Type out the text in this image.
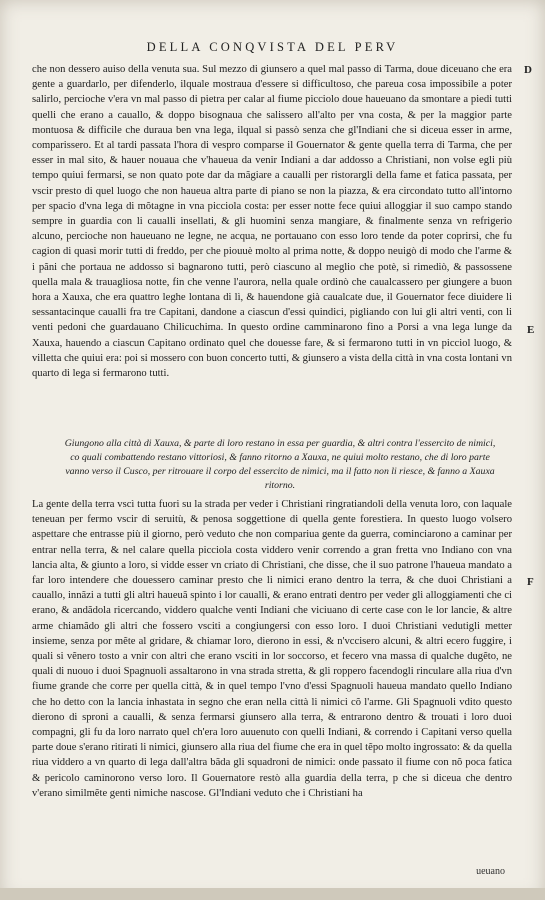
DELLA CONQVISTA DEL PERV
D
E
F
che non dessero auiso della venuta sua. Sul mezzo di giunsero a quel mal passo di Tarma, doue diceuano che era gente a guardarlo, per difenderlo, ilquale mostraua d'essere si difficultoso, che pareua cosa impossibile a poter salirlo, percioche v'era vn mal passo di pietra per calar al fiume picciolo doue haueuano da smontare a piedi tutti quelli che erano a cauallo, & doppo bisognaua che salissero all'alto per vna costa, & per la maggior parte montuosa & difficile che duraua ben vna lega, ilqual si passò senza che gl'Indiani che si diceua esser in arme, comparissero. Et al tardi passata l'hora di vespro comparse il Gouernator & gente quella terra di Tarma, che per esser in mal sito, & hauer nouaua che v'haueua da venir Indiani a dar addosso a Christiani, non volse egli più tempo quiui fermarsi, se non quato pote dar da mãgiare a caualli per ristorargli della fame et fatica passata, per vscir presto di quel luogo che non haueua altra parte di piano se non la piazza, & era circondato tutto all'intorno per spacio d'vna lega di mõtagne in vna picciola costa: per esser notte fece quiui alloggiar il suo campo stando sempre in guardia con li caualli insellati, & gli huomini senza mangiare, & finalmente senza vn refrigerio alcuno, percioche non haueuano ne legne, ne acqua, ne portauano con esso loro tende da poter coprirsi, che fu cagion di quasi morir tutti di freddo, per che piouuè molto al prima notte, & doppo neuigò di modo che l'arme & i pãni che portaua ne addosso si bagnarono tutti, però ciascuno al meglio che potè, si rimediò, & passossene quella mala & trauagliosa notte, fin che venne l'aurora, nella quale ordinò che caualcassero per giungere a buon hora a Xauxa, che era quattro leghe lontana di lì, & hauendone già caualcate due, il Gouernator fece diuidere li sessantacinque caualli fra tre Capitani, dandone a ciascun d'essi quindici, pigliando con lui gli altri venti, con li venti pedoni che guardauano Chilicuchima. In questo ordine camminarono fino a Porsi a vna lega lunge da Xauxa, hauendo a ciascun Capitano ordinato quel che douesse fare, & si fermarono tutti in vn picciol luogo, & villetta che quiui era: poi si mossero con buon concerto tutti, & giunsero a vista della città in vna costa lontani vn quarto di lega si fermarono tutti.
Giungono alla città di Xauxa, & parte di loro restano in essa per guardia, & altri contra l'essercito de nimici, co quali combattendo restano vittoriosi, & fanno ritorno a Xauxa, ne quiui molto restano, che di loro parte vanno verso il Cusco, per ritrouare il corpo del essercito de nimici, ma il fatto non li riesce, & fanno a Xauxa ritorno.
La gente della terra vscì tutta fuori su la strada per veder i Christiani ringratiandoli della venuta loro, con laquale teneuan per fermo vscir di seruitù, & penosa soggettione di quella gente forestiera. In questo luogo volsero aspettare che entrasse più il giorno, però veduto che non compariua gente da guerra, cominciarono a caminar per entrar nella terra, & nel calare quella picciola costa viddero venir correndo a gran fretta vno Indiano con vna lancia alta, & giunto a loro, si vidde esser vn criato di Christiani, che disse, che il suo patrone l'haueua mandato a far loro intendere che douessero caminar presto che li nimici erano dentro la terra, & che duoi Christiani a cauallo, innãzi a tutti gli altri haueuã spinto i lor caualli, & erano entrati dentro per veder gli alloggiamenti che ci erano, & andãdola ricercando, viddero qualche venti Indiani che viciuano di certe case con le lor lancie, & altre arme chiamãdo gli altri che fossero vsciti a congiungersi con esso loro. I duoi Christiani vedutigli metter insieme, senza por mẽte al gridare, & chiamar loro, dierono in essi, & n'vccisero alcuni, & altri ecero fuggire, i quali si vẽnero tosto a vnir con altri che erano vsciti in lor soccorso, et fecero vna massa di qualche dugẽto, ne quali di nuouo i duoi Spagnuoli assaltarono in vna strada stretta, & gli roppero facendogli rinculare alla riua d'vn fiume grande che corre per quella città, & in quel tempo l'vno d'essi Spagnuoli haueua mandato quello Indiano che ho detto con la lancia inhastata in segno che eran nella città li nimici cõ l'arme. Gli Spagnuoli vdito questo dierono di sproni a caualli, & senza fermarsi giunsero alla terra, & entrarono dentro & trouati i loro duoi compagni, gli fu da loro narrato quel ch'era loro auuenuto con quelli Indiani, & correndo i Capitani verso quella parte doue s'erano ritirati li nimici, giunsero alla riua del fiume che era in quel tẽpo molto ingrossato: & da quella riua viddero a vn quarto di lega dall'altra bãda gli squadroni de nimici: onde passato il fiume con nõ poca fatica & pericolo caminorono verso loro. Il Gouernatore restò alla guardia della terra, p che si diceua che dentro v'erano similmẽte genti nimiche nascose. Gl'Indiani veduto che i Christiani ha
ueuano
